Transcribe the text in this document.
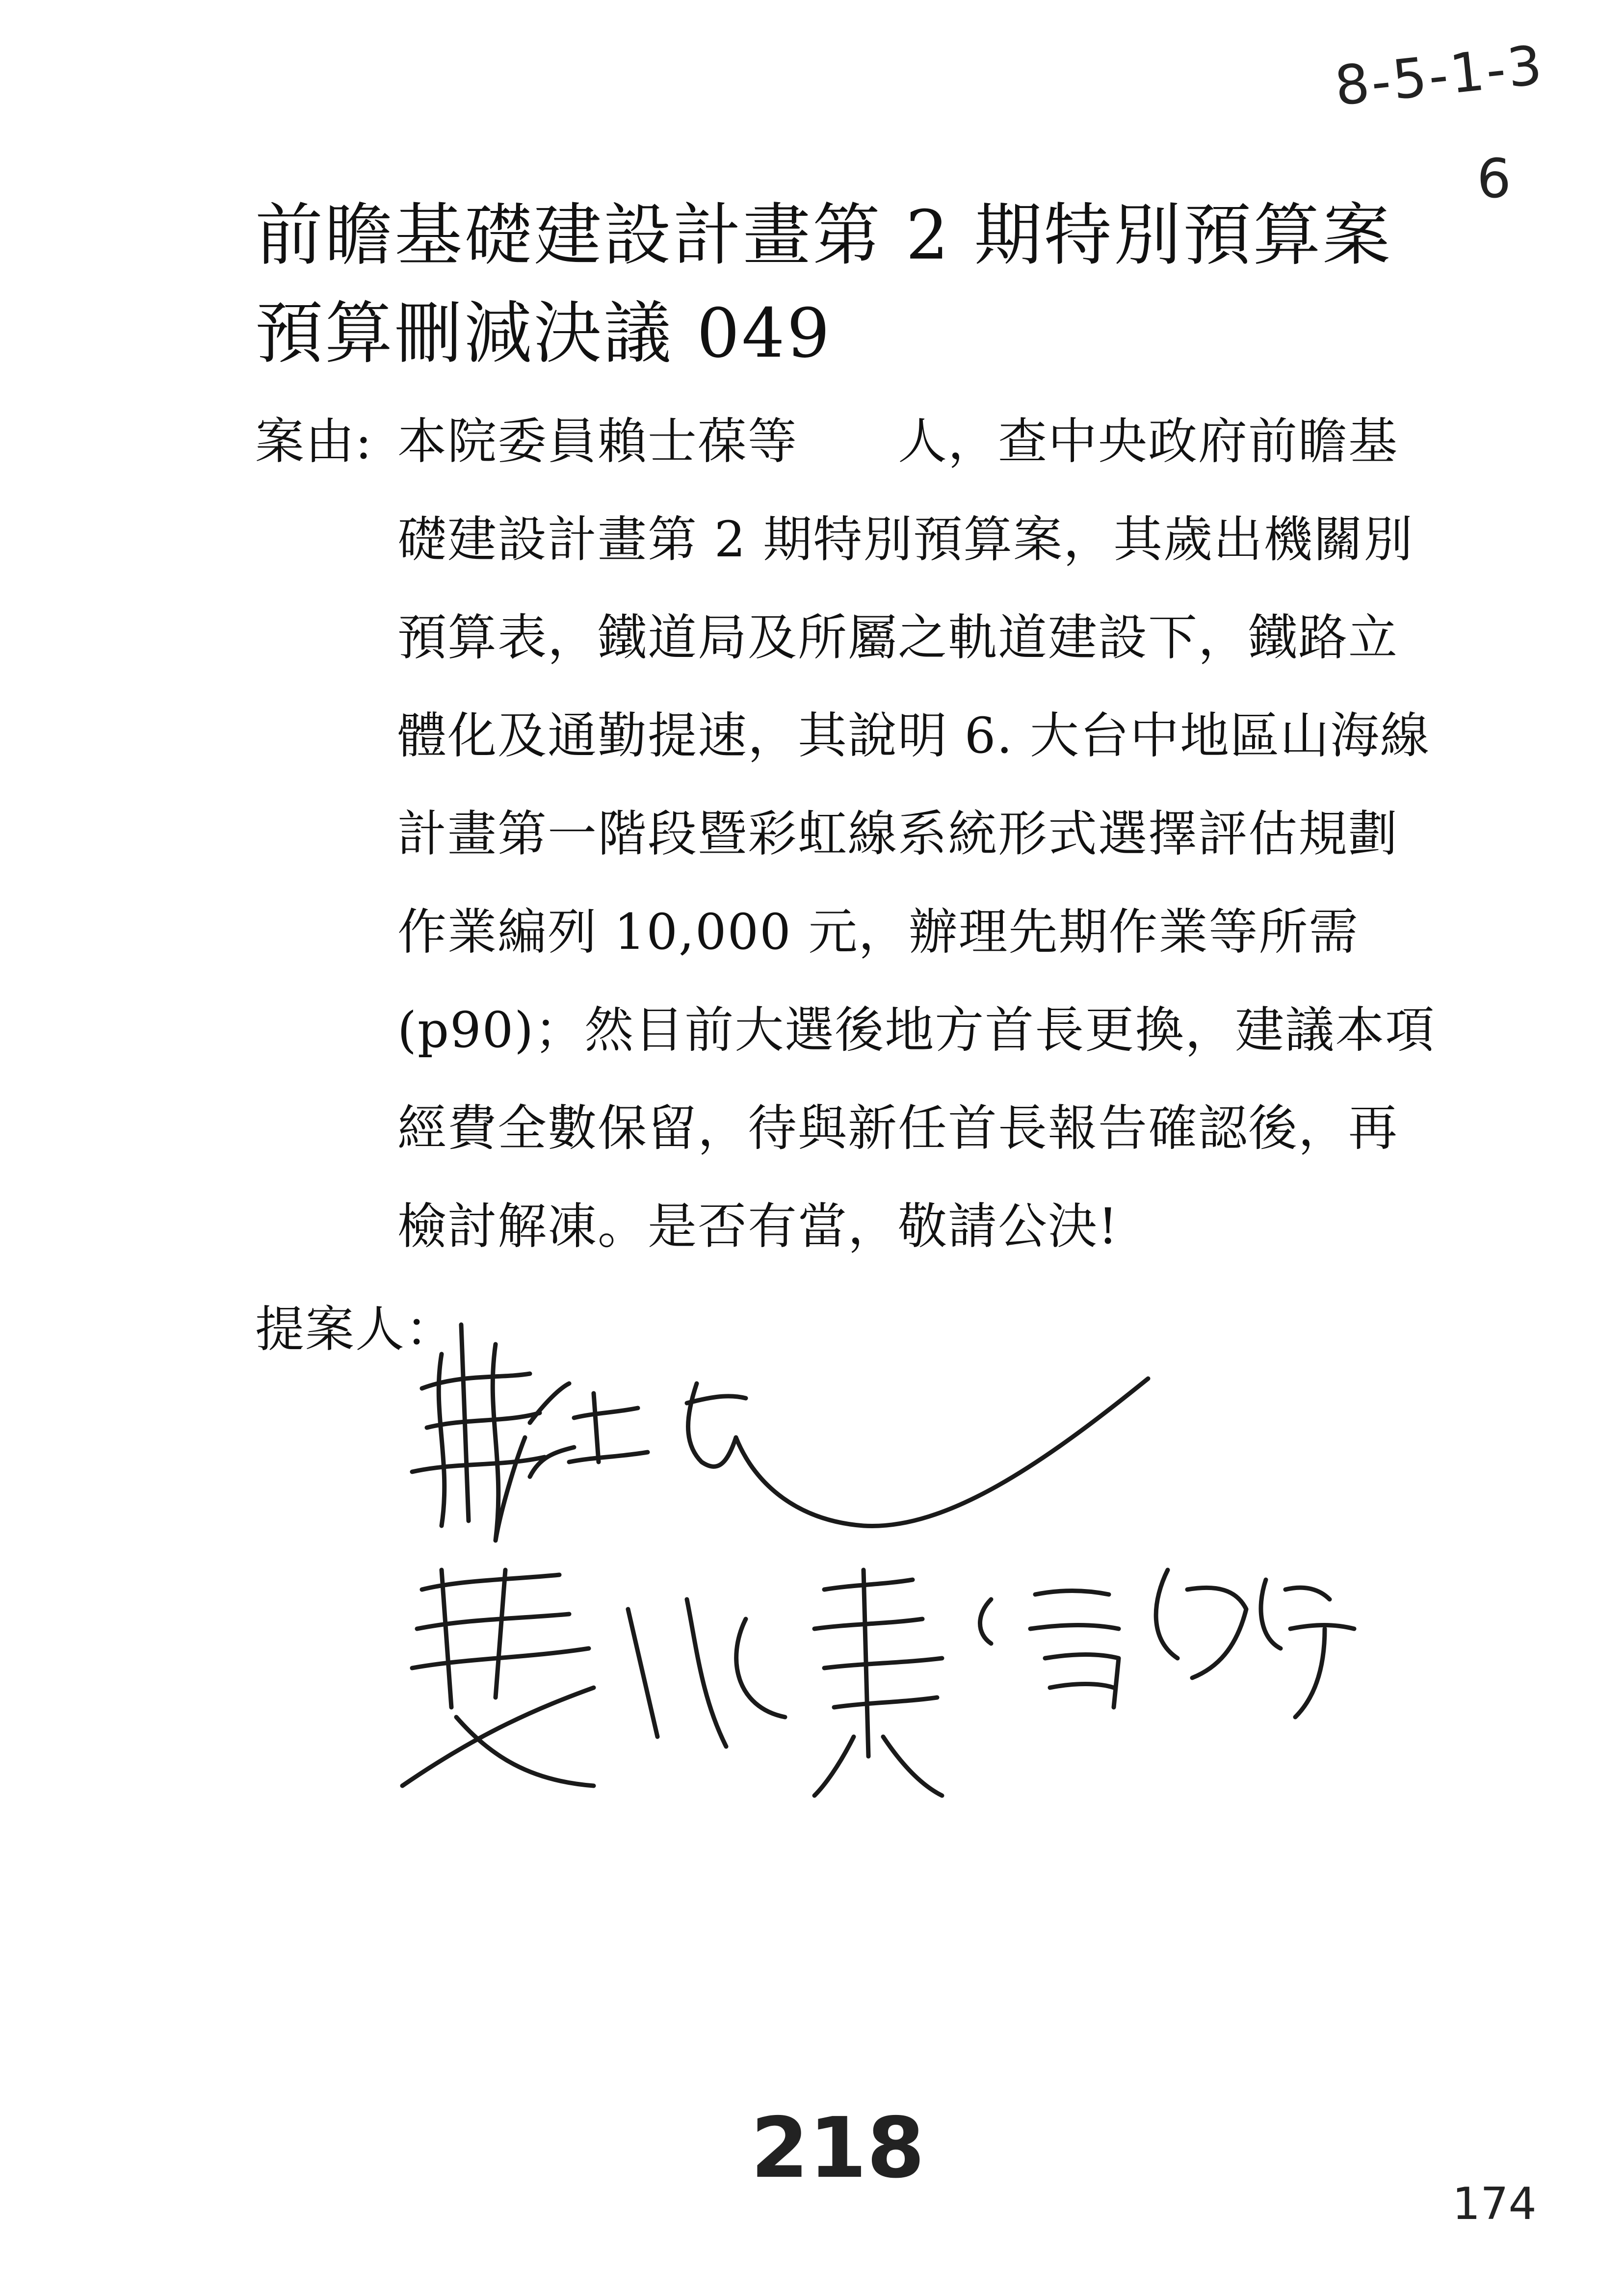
8-5-1-3
6
前瞻基礎建設計畫第 2 期特別預算案
預算刪減決議 049
案由: 本院委員賴士葆等　　人，查中央政府前瞻基
礎建設計畫第 2 期特別預算案，其歲出機關別
預算表，鐵道局及所屬之軌道建設下，鐵路立
體化及通勤提速，其說明 6. 大台中地區山海線
計畫第一階段暨彩虹線系統形式選擇評估規劃
作業編列 10,000 元，辦理先期作業等所需
(p90)；然目前大選後地方首長更換，建議本項
經費全數保留，待與新任首長報告確認後，再
檢討解凍。是否有當，敬請公決!
提案人：
218
174
